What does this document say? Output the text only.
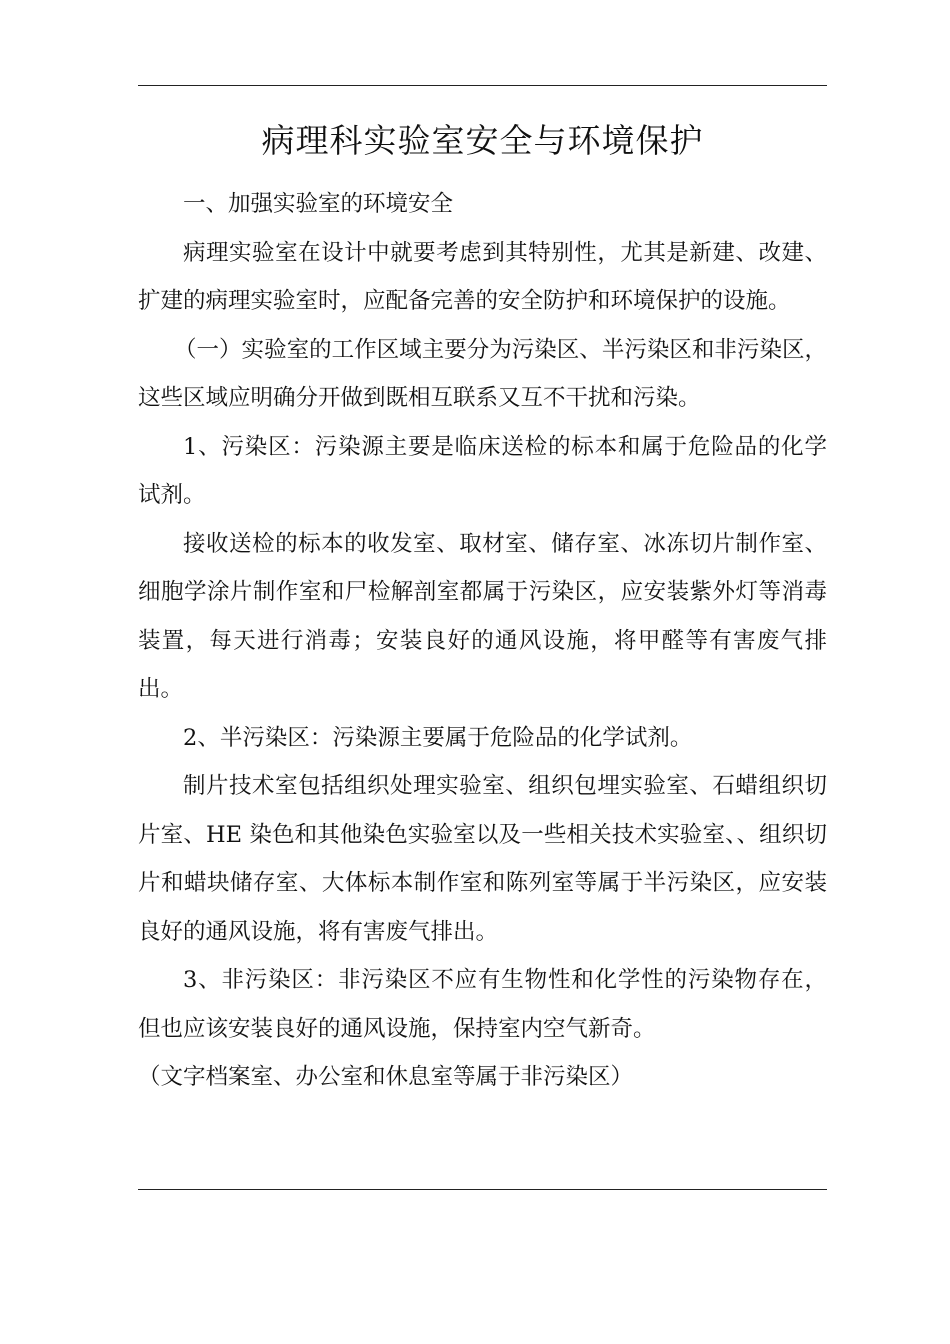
病理科实验室安全与环境保护

一、加强实验室的环境安全

病理实验室在设计中就要考虑到其特别性，尤其是新建、改建、扩建的病理实验室时，应配备完善的安全防护和环境保护的设施。

（一）实验室的工作区域主要分为污染区、半污染区和非污染区，这些区域应明确分开做到既相互联系又互不干扰和污染。

1、污染区：污染源主要是临床送检的标本和属于危险品的化学试剂。

接收送检的标本的收发室、取材室、储存室、冰冻切片制作室、细胞学涂片制作室和尸检解剖室都属于污染区，应安装紫外灯等消毒装置，每天进行消毒；安装良好的通风设施，将甲醛等有害废气排出。

2、半污染区：污染源主要属于危险品的化学试剂。

制片技术室包括组织处理实验室、组织包埋实验室、石蜡组织切片室、HE 染色和其他染色实验室以及一些相关技术实验室、、组织切片和蜡块储存室、大体标本制作室和陈列室等属于半污染区，应安装良好的通风设施，将有害废气排出。

3、非污染区：非污染区不应有生物性和化学性的污染物存在，但也应该安装良好的通风设施，保持室内空气新奇。

（文字档案室、办公室和休息室等属于非污染区）
